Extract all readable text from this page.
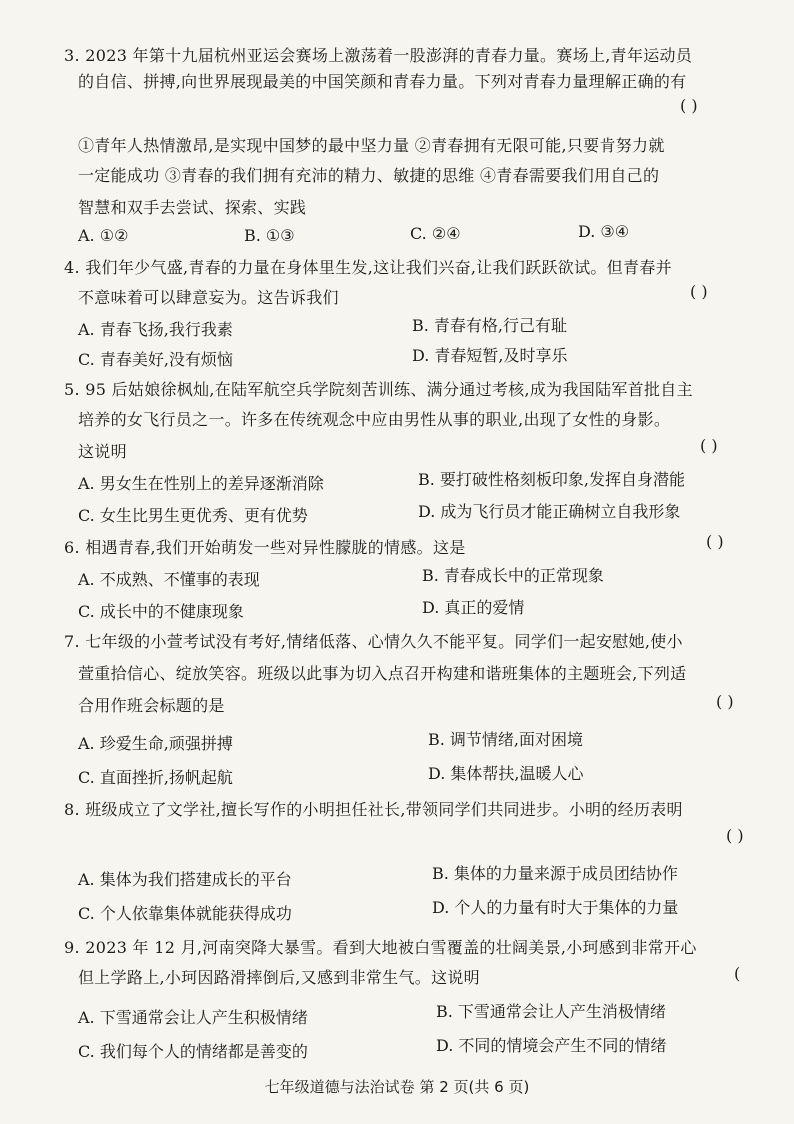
3. 2023 年第十九届杭州亚运会赛场上激荡着一股澎湃的青春力量。赛场上,青年运动员
的自信、拼搏,向世界展现最美的中国笑颜和青春力量。下列对青春力量理解正确的有
( )
①青年人热情激昂,是实现中国梦的最中坚力量 ②青春拥有无限可能,只要肯努力就
一定能成功 ③青春的我们拥有充沛的精力、敏捷的思维 ④青春需要我们用自己的
智慧和双手去尝试、探索、实践
A. ①②	B. ①③	C. ②④	D. ③④
4. 我们年少气盛,青春的力量在身体里生发,这让我们兴奋,让我们跃跃欲试。但青春并
不意味着可以肆意妄为。这告诉我们	( )
A. 青春飞扬,我行我素	B. 青春有格,行己有耻
C. 青春美好,没有烦恼	D. 青春短暂,及时享乐
5. 95 后姑娘徐枫灿,在陆军航空兵学院刻苦训练、满分通过考核,成为我国陆军首批自主
培养的女飞行员之一。许多在传统观念中应由男性从事的职业,出现了女性的身影。
这说明	( )
A. 男女生在性别上的差异逐渐消除	B. 要打破性格刻板印象,发挥自身潜能
C. 女生比男生更优秀、更有优势	D. 成为飞行员才能正确树立自我形象
6. 相遇青春,我们开始萌发一些对异性朦胧的情感。这是	( )
A. 不成熟、不懂事的表现	B. 青春成长中的正常现象
C. 成长中的不健康现象	D. 真正的爱情
7. 七年级的小萱考试没有考好,情绪低落、心情久久不能平复。同学们一起安慰她,使小
萱重拾信心、绽放笑容。班级以此事为切入点召开构建和谐班集体的主题班会,下列适
合用作班会标题的是	( )
A. 珍爱生命,顽强拼搏	B. 调节情绪,面对困境
C. 直面挫折,扬帆起航	D. 集体帮扶,温暖人心
8. 班级成立了文学社,擅长写作的小明担任社长,带领同学们共同进步。小明的经历表明
( )
A. 集体为我们搭建成长的平台	B. 集体的力量来源于成员团结协作
C. 个人依靠集体就能获得成功	D. 个人的力量有时大于集体的力量
9. 2023 年 12 月,河南突降大暴雪。看到大地被白雪覆盖的壮阔美景,小珂感到非常开心
但上学路上,小珂因路滑摔倒后,又感到非常生气。这说明	(
A. 下雪通常会让人产生积极情绪	B. 下雪通常会让人产生消极情绪
C. 我们每个人的情绪都是善变的	D. 不同的情境会产生不同的情绪
七年级道德与法治试卷 第 2 页(共 6 页)
